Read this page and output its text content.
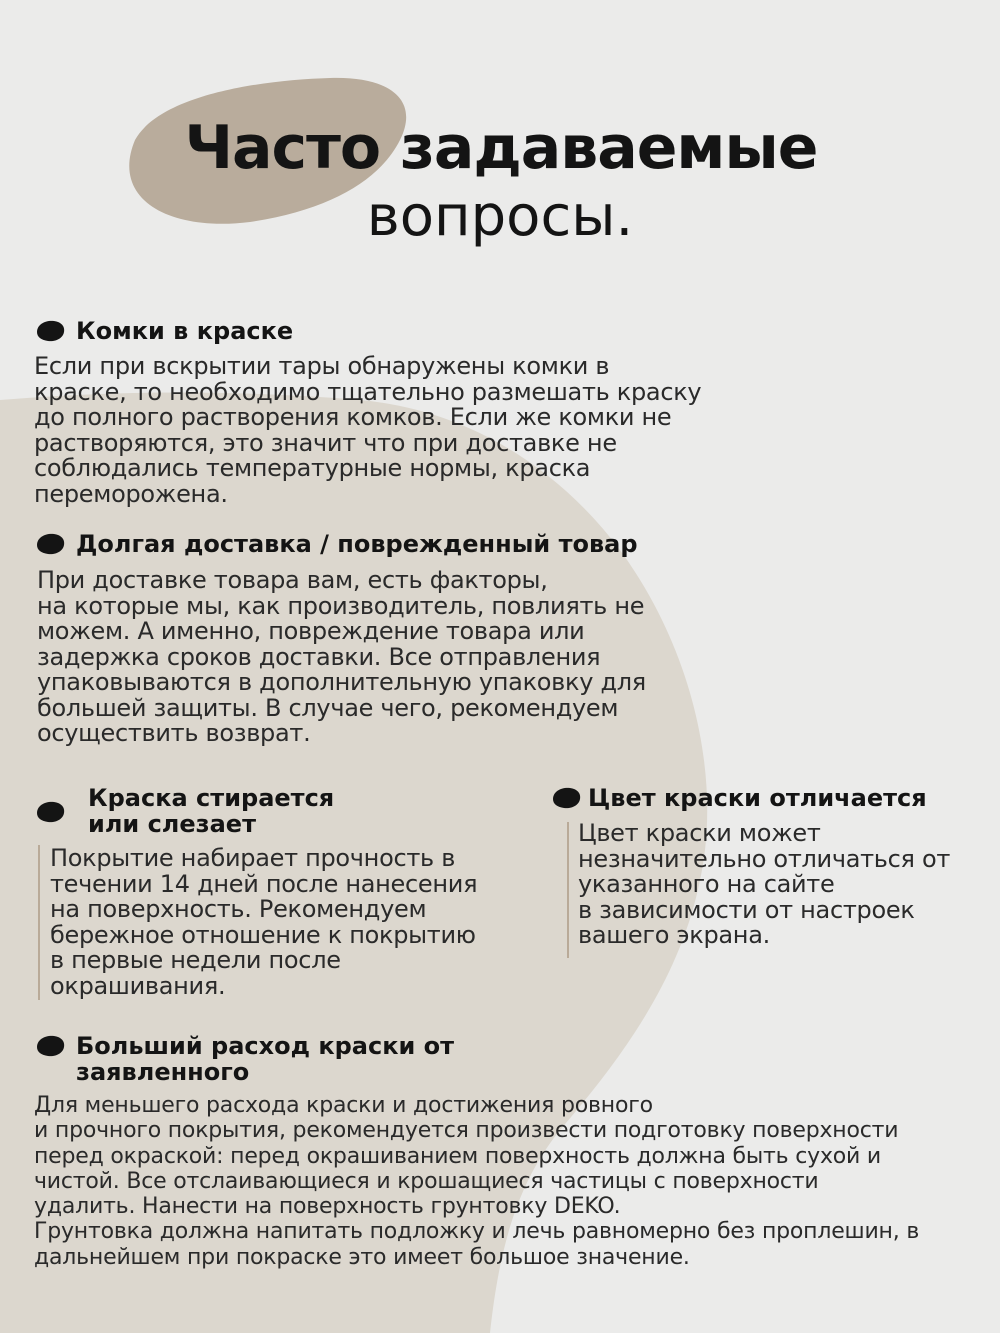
Часто задаваемые
вопросы.
Комки в краске
Если при вскрытии тары обнаружены комки в
краске, то необходимо тщательно размешать краску
до полного растворения комков. Если же комки не
растворяются, это значит что при доставке не
соблюдались температурные нормы, краска
переморожена.
Долгая доставка / поврежденный товар
При доставке товара вам, есть факторы,
на которые мы, как производитель, повлиять не
можем. А именно, повреждение товара или
задержка сроков доставки. Все отправления
упаковываются в дополнительную упаковку для
большей защиты. В случае чего, рекомендуем
осуществить возврат.
Краска стирается
или слезает
Покрытие набирает прочность в
течении 14 дней после нанесения
на поверхность. Рекомендуем
бережное отношение к покрытию
в первые недели после
окрашивания.
Цвет краски отличается
Цвет краски может
незначительно отличаться от
указанного на сайте
в зависимости от настроек
вашего экрана.
Больший расход краски от
заявленного
Для меньшего расхода краски и достижения ровного
и прочного покрытия, рекомендуется произвести подготовку поверхности
перед окраской: перед окрашиванием поверхность должна быть сухой и
чистой. Все отслаивающиеся и крошащиеся частицы с поверхности
удалить. Нанести на поверхность грунтовку DEKO.
Грунтовка должна напитать подложку и лечь равномерно без проплешин, в
дальнейшем при покраске это имеет большое значение.
